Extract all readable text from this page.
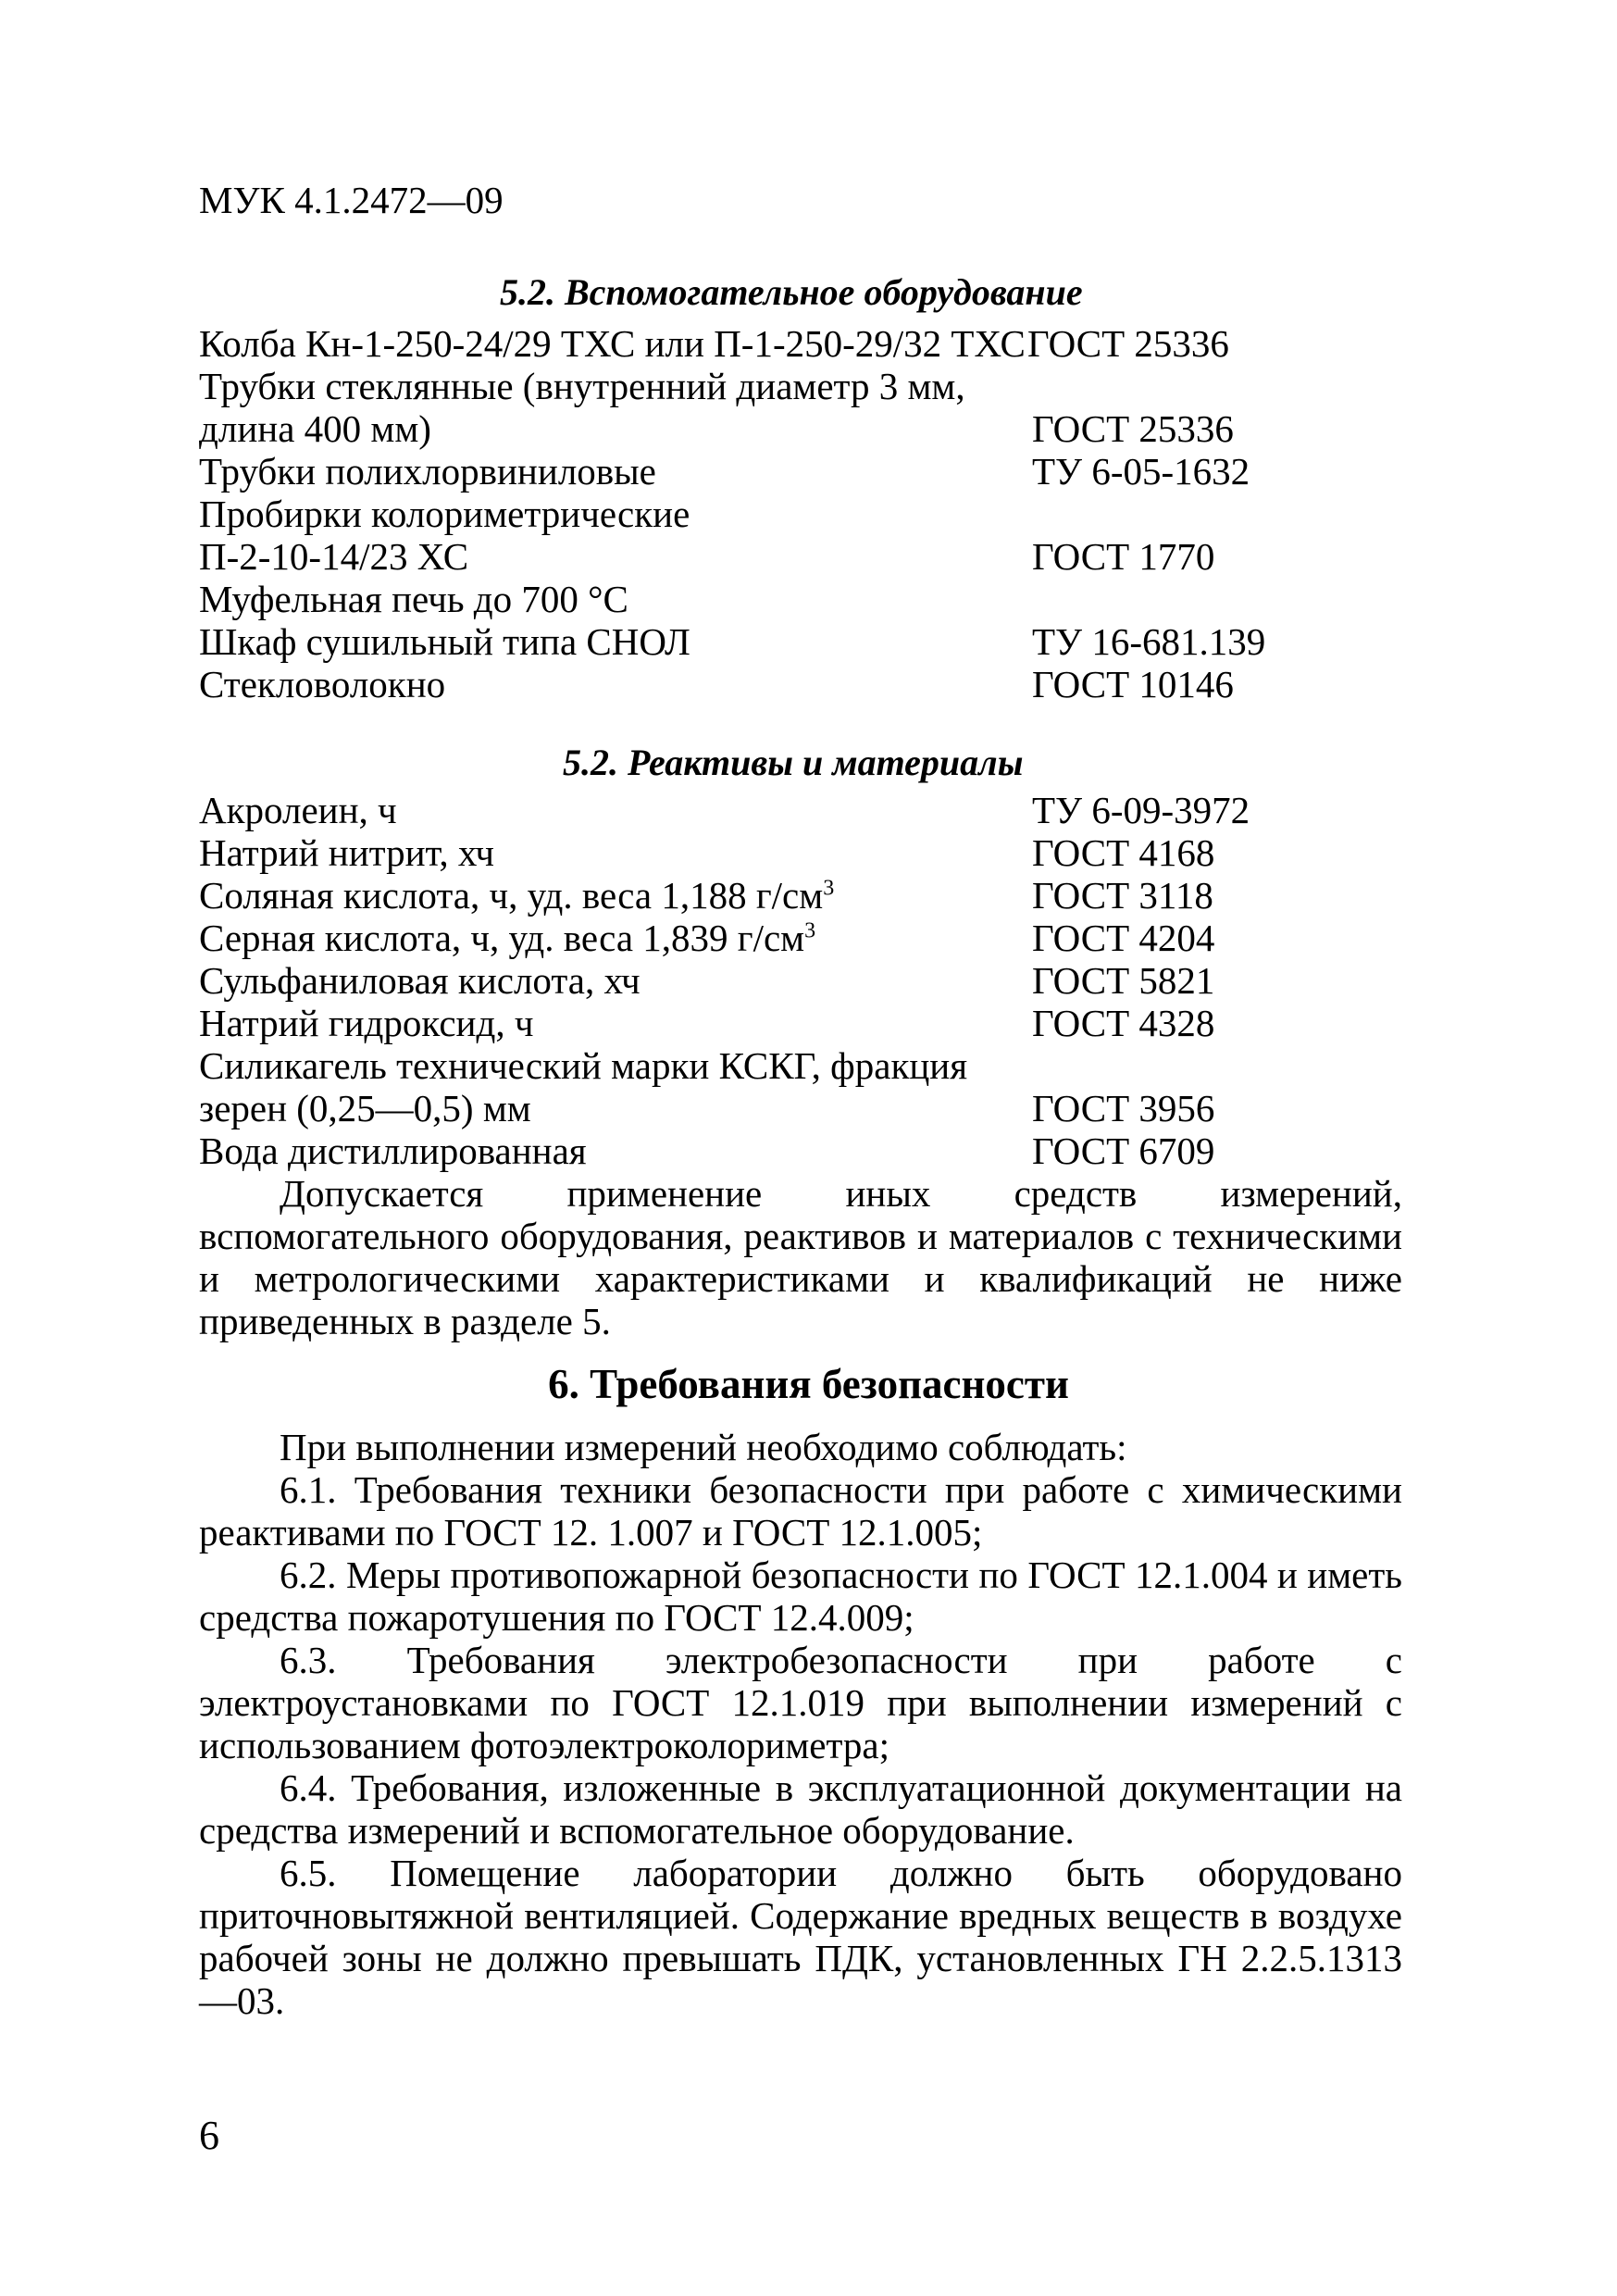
МУК 4.1.2472—09
5.2. Вспомогательное оборудование
Колба Кн-1-250-24/29 ТХС или П-1-250-29/32 ТХС ГОСТ 25336
Трубки стеклянные (внутренний диаметр 3 мм,
длина 400 мм)	ГОСТ 25336
Трубки полихлорвиниловые	ТУ 6-05-1632
Пробирки колориметрические
П-2-10-14/23 ХС	ГОСТ 1770
Муфельная печь до 700 °С
Шкаф сушильный типа СНОЛ	ТУ 16-681.139
Стекловолокно	ГОСТ 10146
5.2. Реактивы и материалы
Акролеин, ч	ТУ 6-09-3972
Натрий нитрит, хч	ГОСТ 4168
Соляная кислота, ч, уд. веса 1,188 $г/см^3$	ГОСТ 3118
Серная кислота, ч, уд. веса 1,839 $г/см^3$	ГОСТ 4204
Сульфаниловая кислота, хч	ГОСТ 5821
Натрий гидроксид, ч	ГОСТ 4328
Силикагель технический марки КСКГ, фракция
зерен (0,25—0,5) мм	ГОСТ 3956
Вода дистиллированная	ГОСТ 6709

Допускается применение иных средств измерений, вспомогательного оборудования, реактивов и материалов с техническими и метрологическими характеристиками и квалификаций не ниже приведенных в разделе 5.

6. Требования безопасности

При выполнении измерений необходимо соблюдать:

6.1. Требования техники безопасности при работе с химическими реактивами по ГОСТ 12. 1.007 и ГОСТ 12.1.005;

6.2. Меры противопожарной безопасности по ГОСТ 12.1.004 и иметь средства пожаротушения по ГОСТ 12.4.009;

6.3. Требования электробезопасности при работе с электроустановками по ГОСТ 12.1.019 при выполнении измерений с использованием фотоэлектроколориметра;

6.4. Требования, изложенные в эксплуатационной документации на средства измерений и вспомогательное оборудование.

6.5. Помещение лаборатории должно быть оборудовано приточновытяжной вентиляцией. Содержание вредных веществ в воздухе рабочей зоны не должно превышать ПДК, установленных ГН 2.2.5.1313—03.

6
